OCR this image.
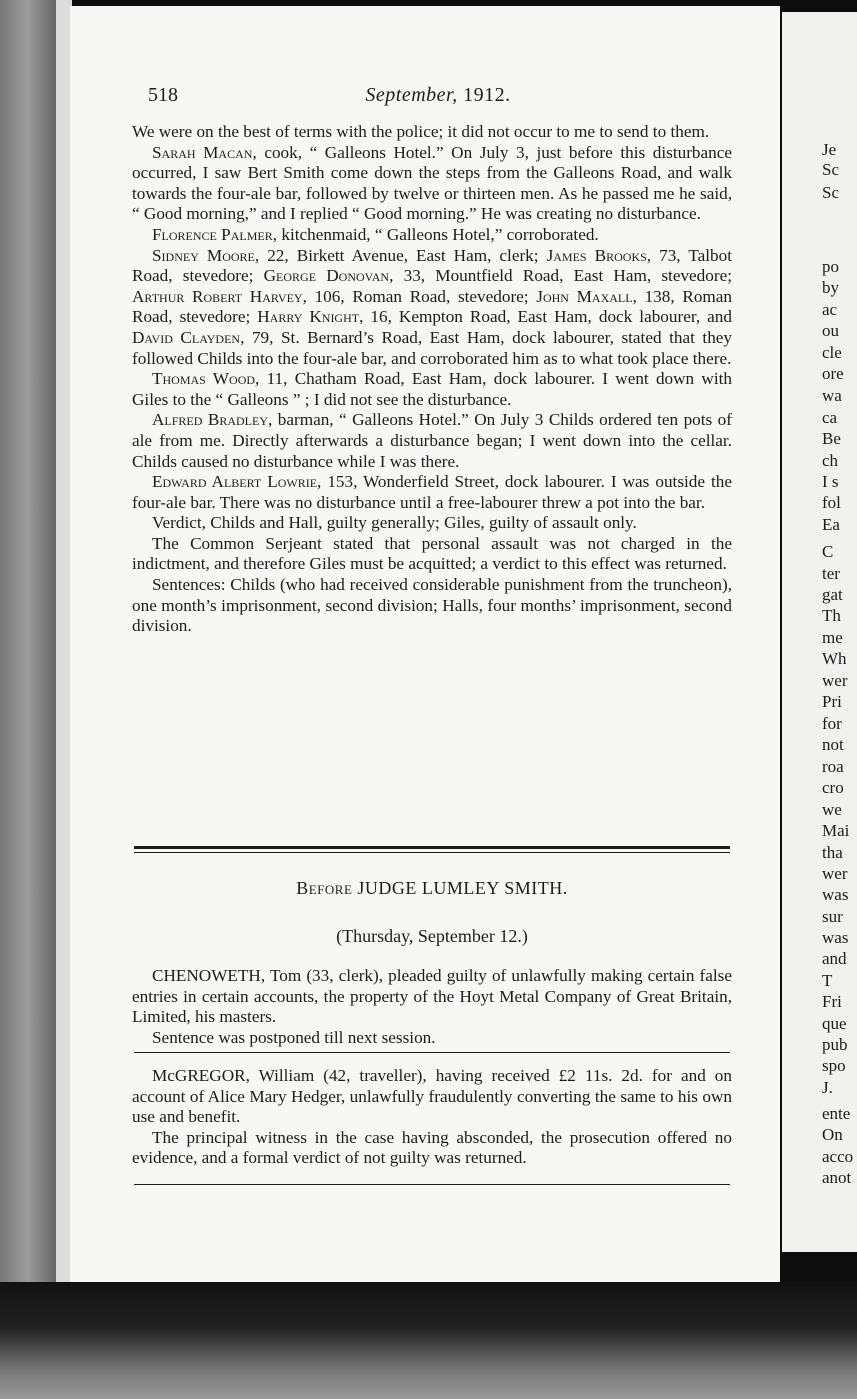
Je
Sc
Sc
po
by
ac
ou
cle
ore
wa
ca
Be
ch
I s
fol
Ea
C
ter
gat
Th
me
Wh
wer
Pri
for
not
roa
cro
we
Mai
tha
wer
was
sur
was
and
T
Fri
que
pub
spo
J.
ente
On
acco
anot
518	September, 1912.

We were on the best of terms with the police; it did not occur to me to send to them.

Sarah Macan, cook, “ Galleons Hotel.” On July 3, just before this disturbance occurred, I saw Bert Smith come down the steps from the Galleons Road, and walk towards the four-ale bar, followed by twelve or thirteen men. As he passed me he said, “ Good morning,” and I replied “ Good morning.” He was creating no disturbance.

Florence Palmer, kitchenmaid, “ Galleons Hotel,” corroborated.

Sidney Moore, 22, Birkett Avenue, East Ham, clerk; James Brooks, 73, Talbot Road, stevedore; George Donovan, 33, Mountfield Road, East Ham, stevedore; Arthur Robert Harvey, 106, Roman Road, stevedore; John Maxall, 138, Roman Road, stevedore; Harry Knight, 16, Kempton Road, East Ham, dock labourer, and David Clayden, 79, St. Bernard’s Road, East Ham, dock labourer, stated that they followed Childs into the four-ale bar, and corroborated him as to what took place there.

Thomas Wood, 11, Chatham Road, East Ham, dock labourer. I went down with Giles to the “ Galleons ” ; I did not see the disturbance.

Alfred Bradley, barman, “ Galleons Hotel.” On July 3 Childs ordered ten pots of ale from me. Directly afterwards a disturbance began; I went down into the cellar. Childs caused no disturbance while I was there.

Edward Albert Lowrie, 153, Wonderfield Street, dock labourer. I was outside the four-ale bar. There was no disturbance until a free-labourer threw a pot into the bar.

Verdict, Childs and Hall, guilty generally; Giles, guilty of assault only.

The Common Serjeant stated that personal assault was not charged in the indictment, and therefore Giles must be acquitted; a verdict to this effect was returned.

Sentences: Childs (who had received considerable punishment from the truncheon), one month’s imprisonment, second division; Halls, four months’ imprisonment, second division.

Before JUDGE LUMLEY SMITH.
(Thursday, September 12.)

CHENOWETH, Tom (33, clerk), pleaded guilty of unlawfully making certain false entries in certain accounts, the property of the Hoyt Metal Company of Great Britain, Limited, his masters.

Sentence was postponed till next session.

McGREGOR, William (42, traveller), having received £2 11s. 2d. for and on account of Alice Mary Hedger, unlawfully fraudulently converting the same to his own use and benefit.

The principal witness in the case having absconded, the prosecution offered no evidence, and a formal verdict of not guilty was returned.
